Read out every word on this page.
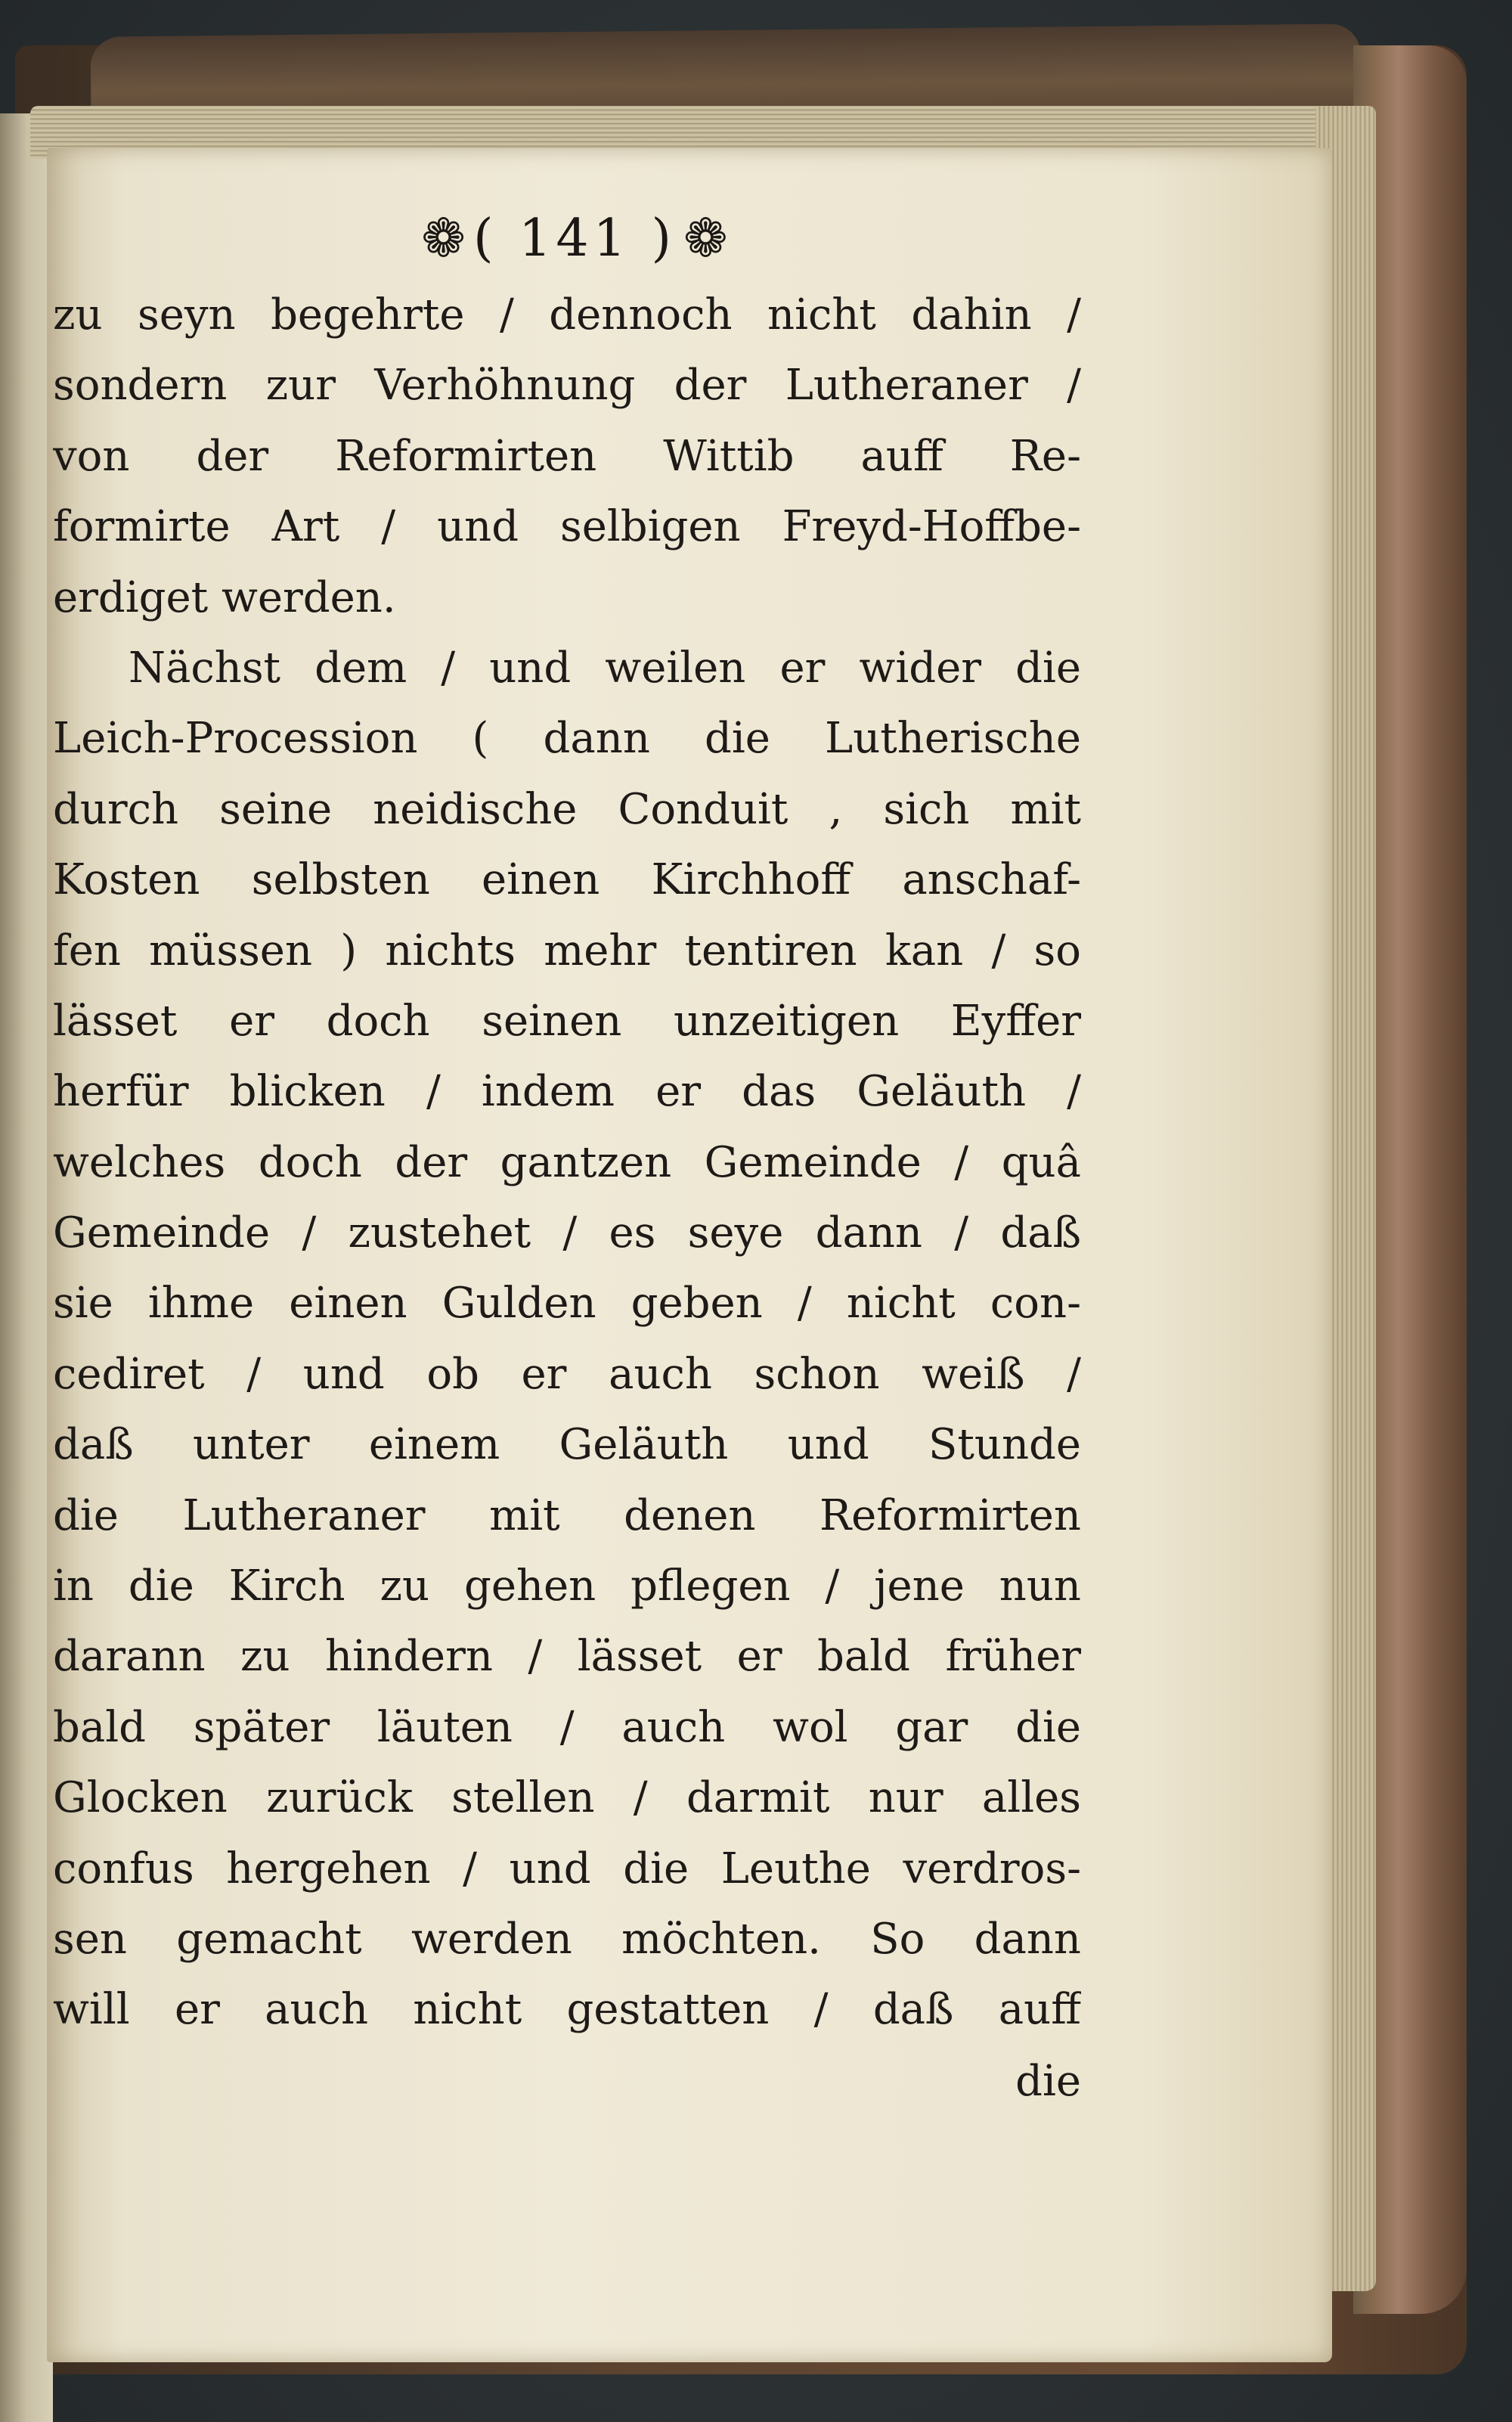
❁ ( 141 ) ❁
zu seyn begehrte / dennoch nicht dahin /
sondern zur Verhöhnung der Lutheraner /
von der Reformirten Wittib auff Re-
formirte Art / und selbigen Freyd-Hoffbe-
erdiget werden.
Nächst dem / und weilen er wider die
Leich-Procession ( dann die Lutherische
durch seine neidische Conduit , sich mit
Kosten selbsten einen Kirchhoff anschaf-
fen müssen ) nichts mehr tentiren kan / so
lässet er doch seinen unzeitigen Eyffer
herfür blicken / indem er das Geläuth /
welches doch der gantzen Gemeinde / quâ
Gemeinde / zustehet / es seye dann / daß
sie ihme einen Gulden geben / nicht con-
cediret / und ob er auch schon weiß /
daß unter einem Geläuth und Stunde
die Lutheraner mit denen Reformirten
in die Kirch zu gehen pflegen / jene nun
darann zu hindern / lässet er bald früher
bald später läuten / auch wol gar die
Glocken zurück stellen / darmit nur alles
confus hergehen / und die Leuthe verdros-
sen gemacht werden möchten. So dann
will er auch nicht gestatten / daß auff
die
